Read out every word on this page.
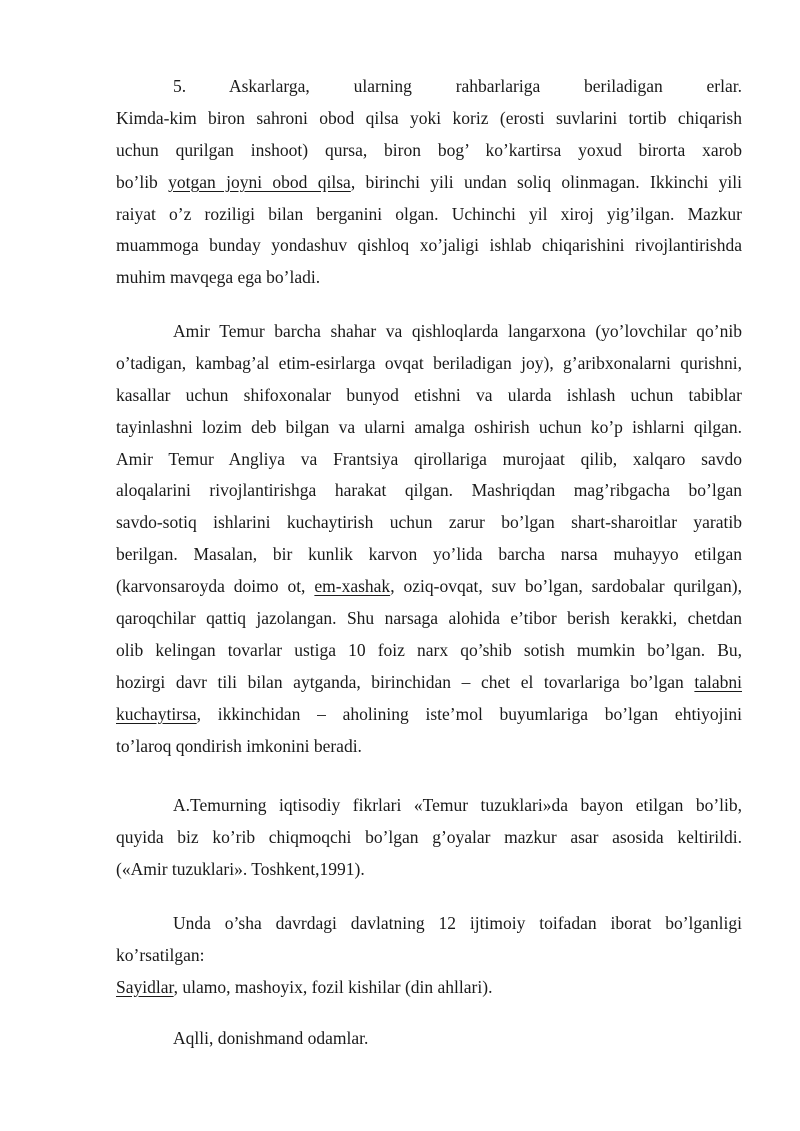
5. Askarlarga, ularning rahbarlariga beriladigan erlar.
Kimda-kim biron sahroni obod qilsa yoki koriz (erosti suvlarini tortib chiqarish
uchun qurilgan inshoot) qursa, biron bog’ ko’kartirsa yoxud birorta xarob
bo’lib yotgan joyni obod qilsa, birinchi yili undan soliq olinmagan. Ikkinchi yili
raiyat o’z roziligi bilan berganini olgan. Uchinchi yil xiroj yig’ilgan. Mazkur
muammoga bunday yondashuv qishloq xo’jaligi ishlab chiqarishini rivojlantirishda
muhim mavqega ega bo’ladi.
Amir Temur barcha shahar va qishloqlarda langarxona (yo’lovchilar qo’nib
o’tadigan, kambag’al etim-esirlarga ovqat beriladigan joy), g’aribxonalarni qurishni,
kasallar uchun shifoxonalar bunyod etishni va ularda ishlash uchun tabiblar
tayinlashni lozim deb bilgan va ularni amalga oshirish uchun ko’p ishlarni qilgan.
Amir Temur Angliya va Frantsiya qirollariga murojaat qilib, xalqaro savdo
aloqalarini rivojlantirishga harakat qilgan. Mashriqdan mag’ribgacha bo’lgan
savdo-sotiq ishlarini kuchaytirish uchun zarur bo’lgan shart-sharoitlar yaratib
berilgan. Masalan, bir kunlik karvon yo’lida barcha narsa muhayyo etilgan
(karvonsaroyda doimo ot, em-xashak, oziq-ovqat, suv bo’lgan, sardobalar qurilgan),
qaroqchilar qattiq jazolangan. Shu narsaga alohida e’tibor berish kerakki, chetdan
olib kelingan tovarlar ustiga 10 foiz narx qo’shib sotish mumkin bo’lgan. Bu,
hozirgi davr tili bilan aytganda, birinchidan – chet el tovarlariga bo’lgan talabni
kuchaytirsa, ikkinchidan – aholining iste’mol buyumlariga bo’lgan ehtiyojini
to’laroq qondirish imkonini beradi.
A.Temurning iqtisodiy fikrlari «Temur tuzuklari»da bayon etilgan bo’lib,
quyida biz ko’rib chiqmoqchi bo’lgan g’oyalar mazkur asar asosida keltirildi.
(«Amir tuzuklari». Toshkent,1991).
Unda o’sha davrdagi davlatning 12 ijtimoiy toifadan iborat bo’lganligi
ko’rsatilgan:
Sayidlar, ulamo, mashoyix, fozil kishilar (din ahllari).
Aqlli, donishmand odamlar.
